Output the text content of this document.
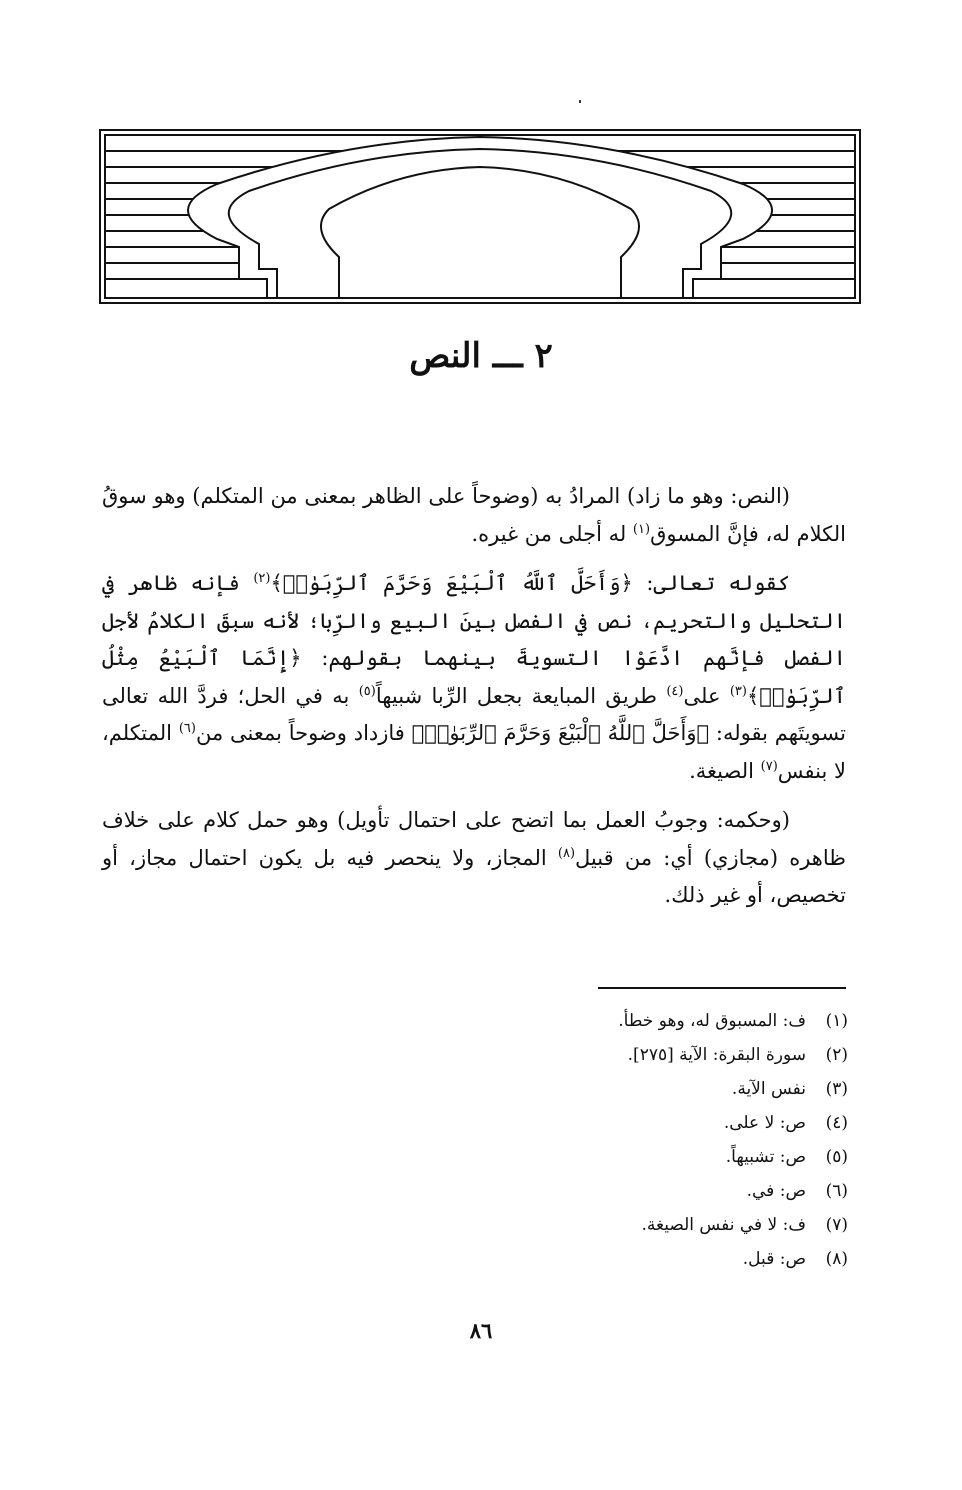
٢ ـــ النص

(النص: وهو ما زاد) المرادُ به (وضوحاً على الظاهر بمعنى من المتكلم) وهو سوقُ الكلام له، فإنَّ المسوق$^{(١)}$ له أجلى من غيره.

كقوله تعالى: ﴿وَأَحَلَّ ٱللَّهُ ٱلْبَيْعَ وَحَرَّمَ ٱلرِّبَوٰا۟﴾$^{(٢)}$ فإنه ظاهر في التحليل والتحريم، نص في الفصل بينَ البيع والرِّبا؛ لأنه سبقَ الكلامُ لأجل الفصل فإنَّهم ادَّعَوْا التسويةَ بينهما بقولهم: ﴿إِنَّمَا ٱلْبَيْعُ مِثْلُ ٱلرِّبَوٰا۟﴾$^{(٣)}$ على$^{(٤)}$ طريق المبايعة بجعل الرِّبا شبيهاً$^{(٥)}$ به في الحل؛ فردَّ الله تعالى تسويتَهم بقوله: ﴿وَأَحَلَّ ٱللَّهُ ٱلْبَيْعَ وَحَرَّمَ ٱلرِّبَوٰا۟﴾ فازداد وضوحاً بمعنى من$^{(٦)}$ المتكلم، لا بنفس$^{(٧)}$ الصيغة.

(وحكمه: وجوبُ العمل بما اتضح على احتمال تأويل) وهو حمل كلام على خلاف ظاهره (مجازي) أي: من قبيل$^{(٨)}$ المجاز، ولا ينحصر فيه بل يكون احتمال مجاز، أو تخصيص، أو غير ذلك.

(١)
ف: المسبوق له، وهو خطأ.
(٢)
سورة البقرة: الآية [٢٧٥].
(٣)
نفس الآية.
(٤)
ص: لا على.
(٥)
ص: تشبيهاً.
(٦)
ص: في.
(٧)
ف: لا في نفس الصيغة.
(٨)
ص: قبل.
٨٦
